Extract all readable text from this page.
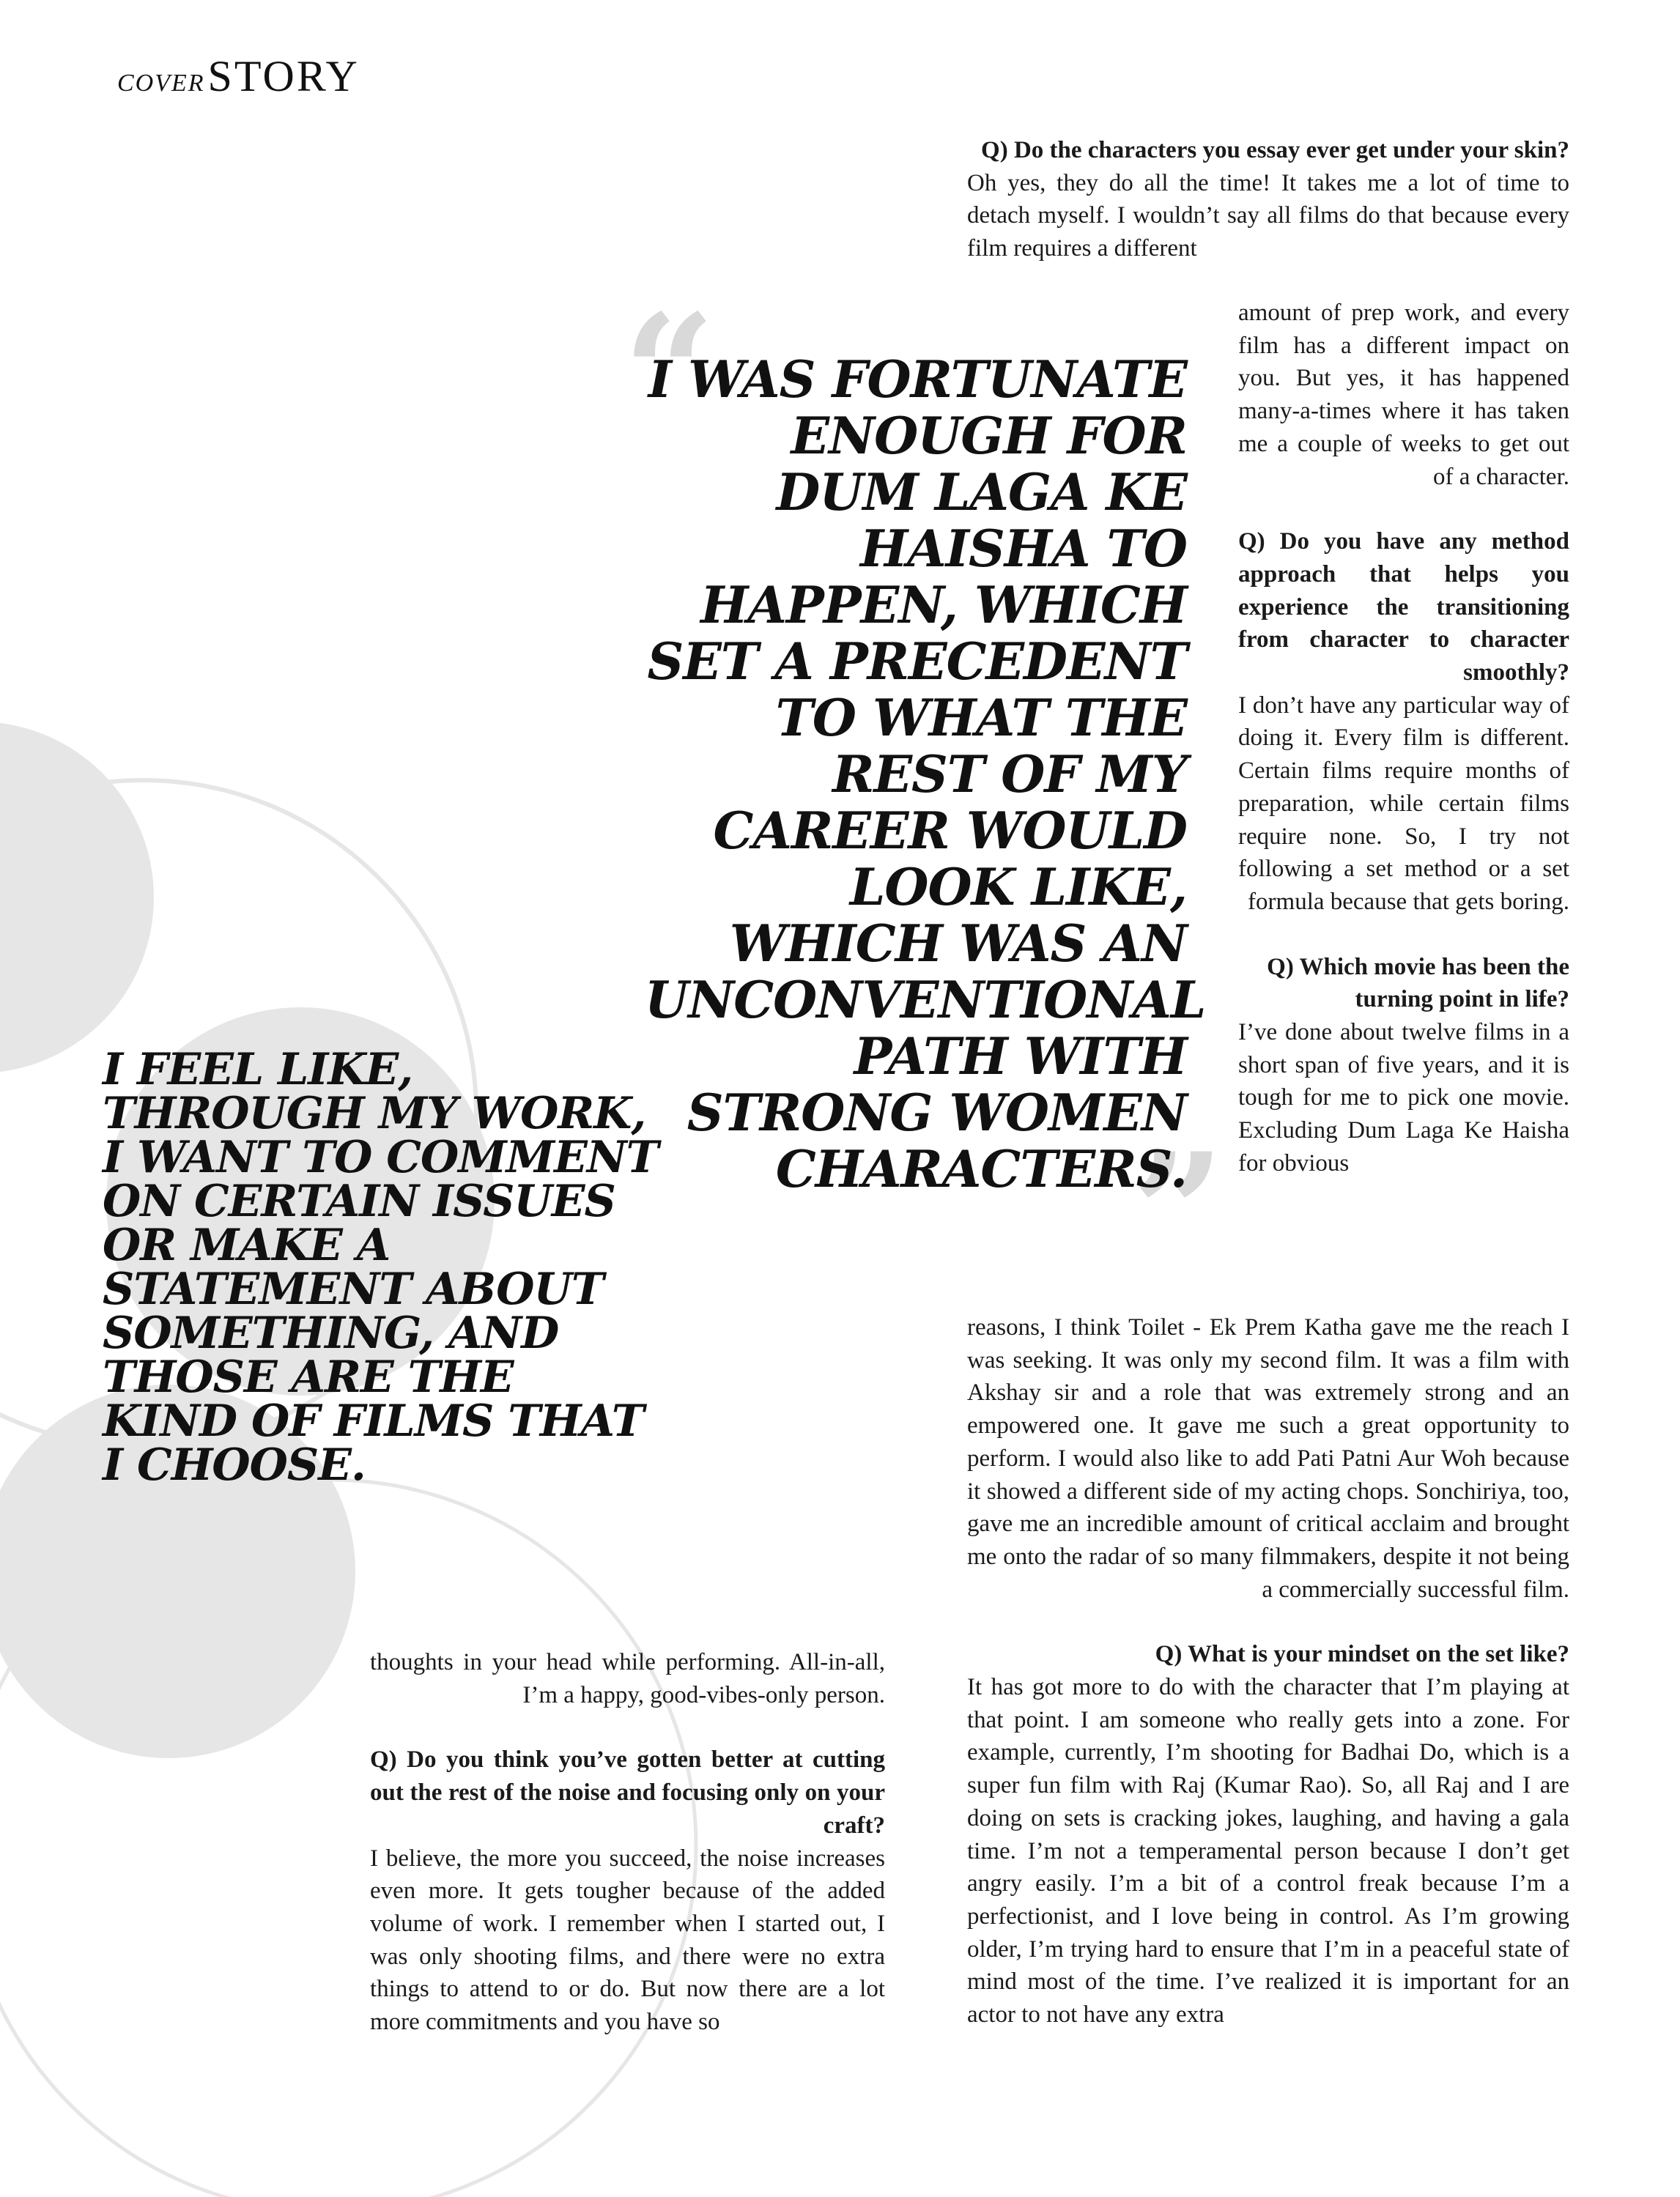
COVERSTORY
“
”
I WAS FORTUNATE ENOUGH FOR DUM LAGA KE HAISHA TO HAPPEN, WHICH SET A PRECEDENT TO WHAT THE REST OF MY CAREER WOULD LOOK LIKE, WHICH WAS AN UNCONVENTIONAL PATH WITH STRONG WOMEN CHARACTERS.
I FEEL LIKE, THROUGH MY WORK, I WANT TO COMMENT ON CERTAIN ISSUES OR MAKE A STATEMENT ABOUT SOMETHING, AND THOSE ARE THE KIND OF FILMS THAT I CHOOSE.

Q) Do the characters you essay ever get under your skin?

Oh yes, they do all the time! It takes me a lot of time to detach myself. I wouldn’t say all films do that because every film requires a different

amount of prep work, and every film has a different impact on you. But yes, it has happened many-a-times where it has taken me a couple of weeks to get out of a character.

Q) Do you have any method approach that helps you experience the transitioning from character to character smoothly?

I don’t have any particular way of doing it. Every film is different. Certain films require months of preparation, while certain films require none. So, I try not following a set method or a set formula because that gets boring.

Q) Which movie has been the turning point in life?

I’ve done about twelve films in a short span of five years, and it is tough for me to pick one movie. Excluding Dum Laga Ke Haisha for obvious

reasons, I think Toilet - Ek Prem Katha gave me the reach I was seeking. It was only my second film. It was a film with Akshay sir and a role that was extremely strong and an empowered one. It gave me such a great opportunity to perform. I would also like to add Pati Patni Aur Woh because it showed a different side of my acting chops. Sonchiriya, too, gave me an incredible amount of critical acclaim and brought me onto the radar of so many filmmakers, despite it not being a commercially successful film.

Q) What is your mindset on the set like?

It has got more to do with the character that I’m playing at that point. I am someone who really gets into a zone. For example, currently, I’m shooting for Badhai Do, which is a super fun film with Raj (Kumar Rao). So, all Raj and I are doing on sets is cracking jokes, laughing, and having a gala time. I’m not a temperamental person because I don’t get angry easily. I’m a bit of a control freak because I’m a perfectionist, and I love being in control. As I’m growing older, I’m trying hard to ensure that I’m in a peaceful state of mind most of the time. I’ve realized it is important for an actor to not have any extra

thoughts in your head while performing. All-in-all, I’m a happy, good-vibes-only person.

Q) Do you think you’ve gotten better at cutting out the rest of the noise and focusing only on your craft?

I believe, the more you succeed, the noise increases even more. It gets tougher because of the added volume of work. I remember when I started out, I was only shooting films, and there were no extra things to attend to or do. But now there are a lot more commitments and you have so
